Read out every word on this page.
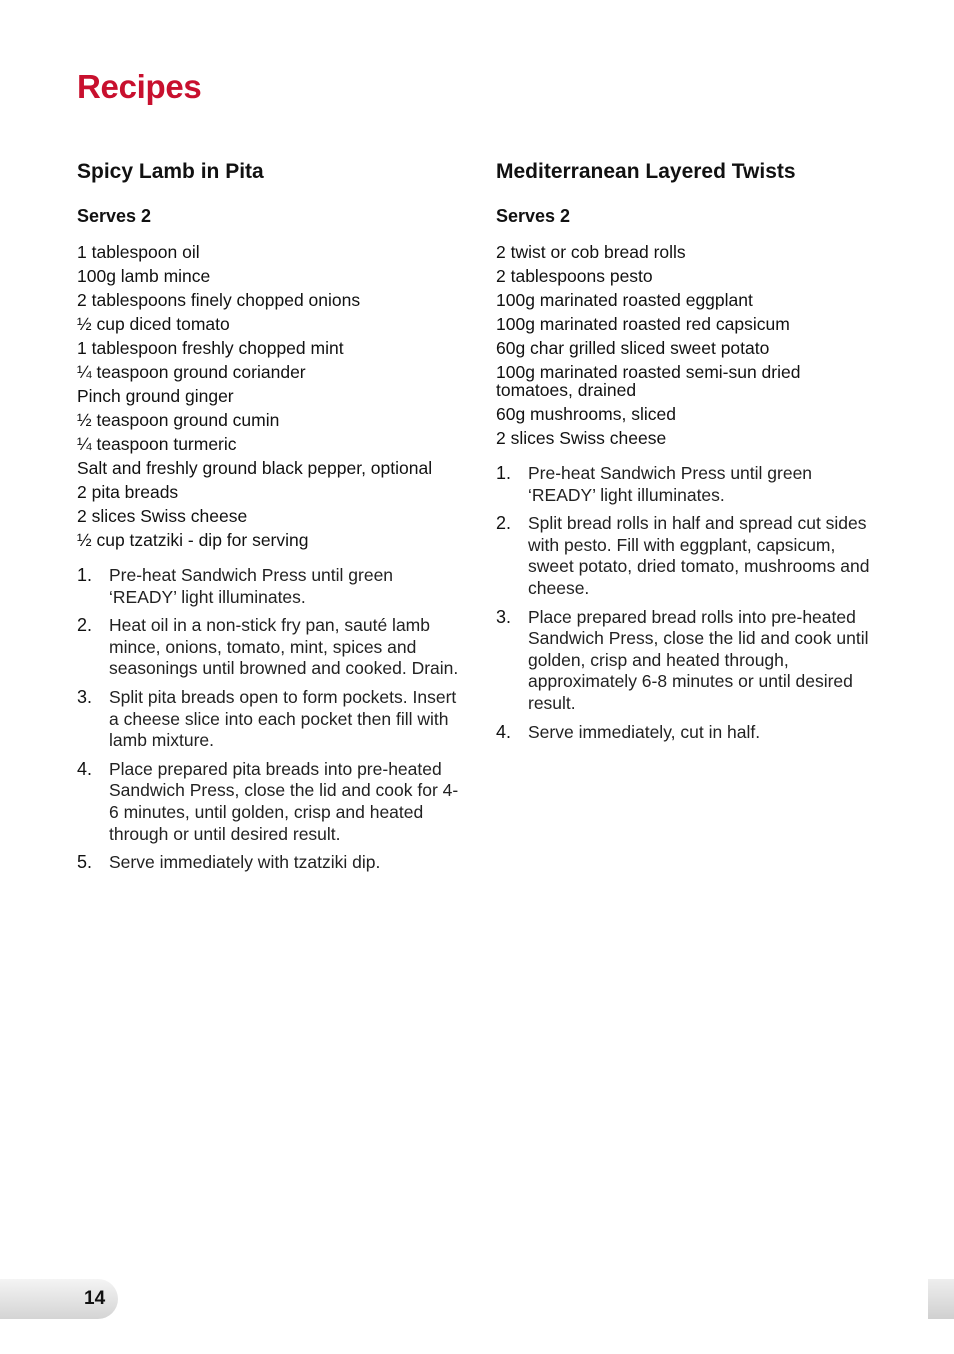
Recipes
Spicy Lamb in Pita
Serves 2
1 tablespoon oil
100g lamb mince
2 tablespoons finely chopped onions
½ cup diced tomato
1 tablespoon freshly chopped mint
¼ teaspoon ground coriander
Pinch ground ginger
½ teaspoon ground cumin
¼ teaspoon turmeric
Salt and freshly ground black pepper, optional
2 pita breads
2 slices Swiss cheese
½ cup tzatziki - dip for serving
1. Pre-heat Sandwich Press until green ‘READY’ light illuminates.
2. Heat oil in a non-stick fry pan, sauté lamb mince, onions, tomato, mint, spices and seasonings until browned and cooked. Drain.
3. Split pita breads open to form pockets. Insert a cheese slice into each pocket then fill with lamb mixture.
4. Place prepared pita breads into pre-heated Sandwich Press, close the lid and cook for 4-6 minutes, until golden, crisp and heated through or until desired result.
5. Serve immediately with tzatziki dip.
Mediterranean Layered Twists
Serves 2
2 twist or cob bread rolls
2 tablespoons pesto
100g marinated roasted eggplant
100g marinated roasted red capsicum
60g char grilled sliced sweet potato
100g marinated roasted semi-sun dried tomatoes, drained
60g mushrooms, sliced
2 slices Swiss cheese
1. Pre-heat Sandwich Press until green ‘READY’ light illuminates.
2. Split bread rolls in half and spread cut sides with pesto. Fill with eggplant, capsicum, sweet potato, dried tomato, mushrooms and cheese.
3. Place prepared bread rolls into pre-heated Sandwich Press, close the lid and cook until golden, crisp and heated through, approximately 6-8 minutes or until desired result.
4. Serve immediately, cut in half.
14
